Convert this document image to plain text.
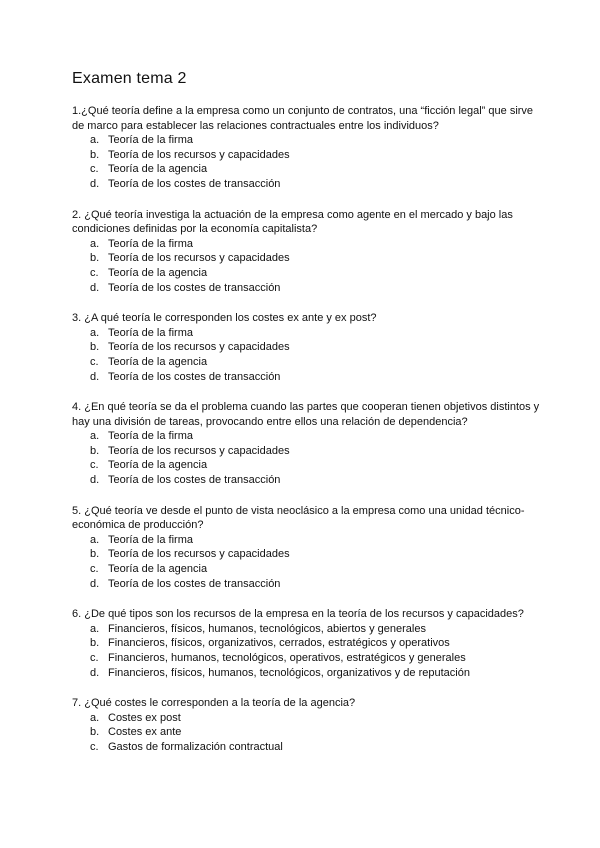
Examen tema 2

1.¿Qué teoría define a la empresa como un conjunto de contratos, una “ficción legal” que sirve de marco para establecer las relaciones contractuales entre los individuos?

a. Teoría de la firma
b. Teoría de los recursos y capacidades
c. Teoría de la agencia
d. Teoría de los costes de transacción

2. ¿Qué teoría investiga la actuación de la empresa como agente en el mercado y bajo las condiciones definidas por la economía capitalista?

a. Teoría de la firma
b. Teoría de los recursos y capacidades
c. Teoría de la agencia
d. Teoría de los costes de transacción

3. ¿A qué teoría le corresponden los costes ex ante y ex post?

a. Teoría de la firma
b. Teoría de los recursos y capacidades
c. Teoría de la agencia
d. Teoría de los costes de transacción

4. ¿En qué teoría se da el problema cuando las partes que cooperan tienen objetivos distintos y hay una división de tareas, provocando entre ellos una relación de dependencia?

a. Teoría de la firma
b. Teoría de los recursos y capacidades
c. Teoría de la agencia
d. Teoría de los costes de transacción

5. ¿Qué teoría ve desde el punto de vista neoclásico a la empresa como una unidad técnico-económica de producción?

a. Teoría de la firma
b. Teoría de los recursos y capacidades
c. Teoría de la agencia
d. Teoría de los costes de transacción

6. ¿De qué tipos son los recursos de la empresa en la teoría de los recursos y capacidades?

a. Financieros, físicos, humanos, tecnológicos, abiertos y generales
b. Financieros, físicos, organizativos, cerrados, estratégicos y operativos
c. Financieros, humanos, tecnológicos, operativos, estratégicos y generales
d. Financieros, físicos, humanos, tecnológicos, organizativos y de reputación

7. ¿Qué costes le corresponden a la teoría de la agencia?

a. Costes ex post
b. Costes ex ante
c. Gastos de formalización contractual
